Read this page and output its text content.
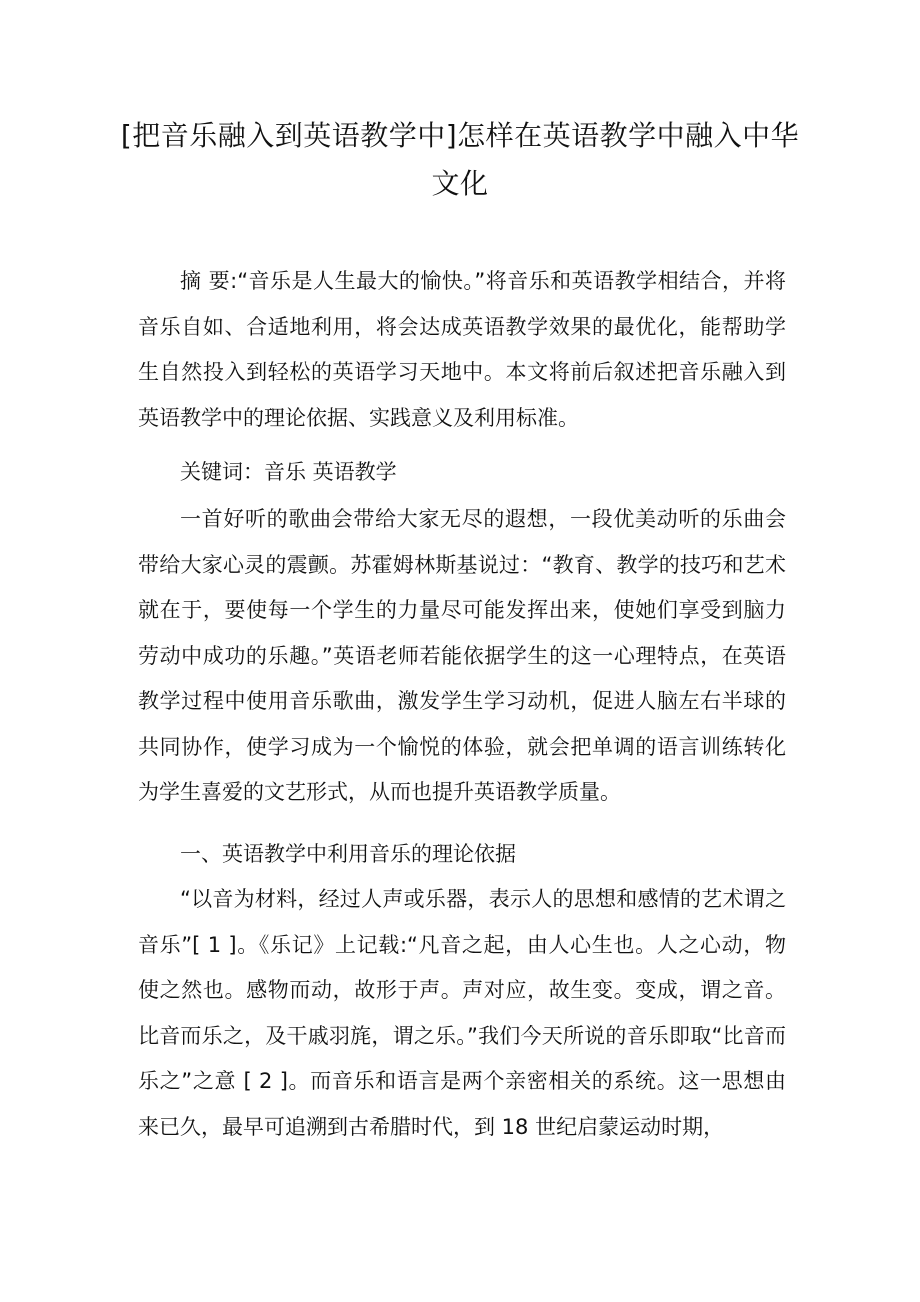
[把音乐融入到英语教学中]怎样在英语教学中融入中华文化

摘 要:“音乐是人生最大的愉快。”将音乐和英语教学相结合，并将音乐自如、合适地利用，将会达成英语教学效果的最优化，能帮助学生自然投入到轻松的英语学习天地中。本文将前后叙述把音乐融入到英语教学中的理论依据、实践意义及利用标准。

关键词：音乐 英语教学

一首好听的歌曲会带给大家无尽的遐想，一段优美动听的乐曲会带给大家心灵的震颤。苏霍姆林斯基说过：“教育、教学的技巧和艺术就在于，要使每一个学生的力量尽可能发挥出来，使她们享受到脑力劳动中成功的乐趣。”英语老师若能依据学生的这一心理特点，在英语教学过程中使用音乐歌曲，激发学生学习动机，促进人脑左右半球的共同协作，使学习成为一个愉悦的体验，就会把单调的语言训练转化为学生喜爱的文艺形式，从而也提升英语教学质量。

一、英语教学中利用音乐的理论依据

“以音为材料，经过人声或乐器，表示人的思想和感情的艺术谓之音乐”[ 1 ]。《乐记》上记载:“凡音之起，由人心生也。人之心动，物使之然也。感物而动，故形于声。声对应，故生变。变成，谓之音。比音而乐之，及干戚羽旄，谓之乐。”我们今天所说的音乐即取“比音而乐之”之意 [ 2 ]。而音乐和语言是两个亲密相关的系统。这一思想由来已久，最早可追溯到古希腊时代，到 18 世纪启蒙运动时期，
